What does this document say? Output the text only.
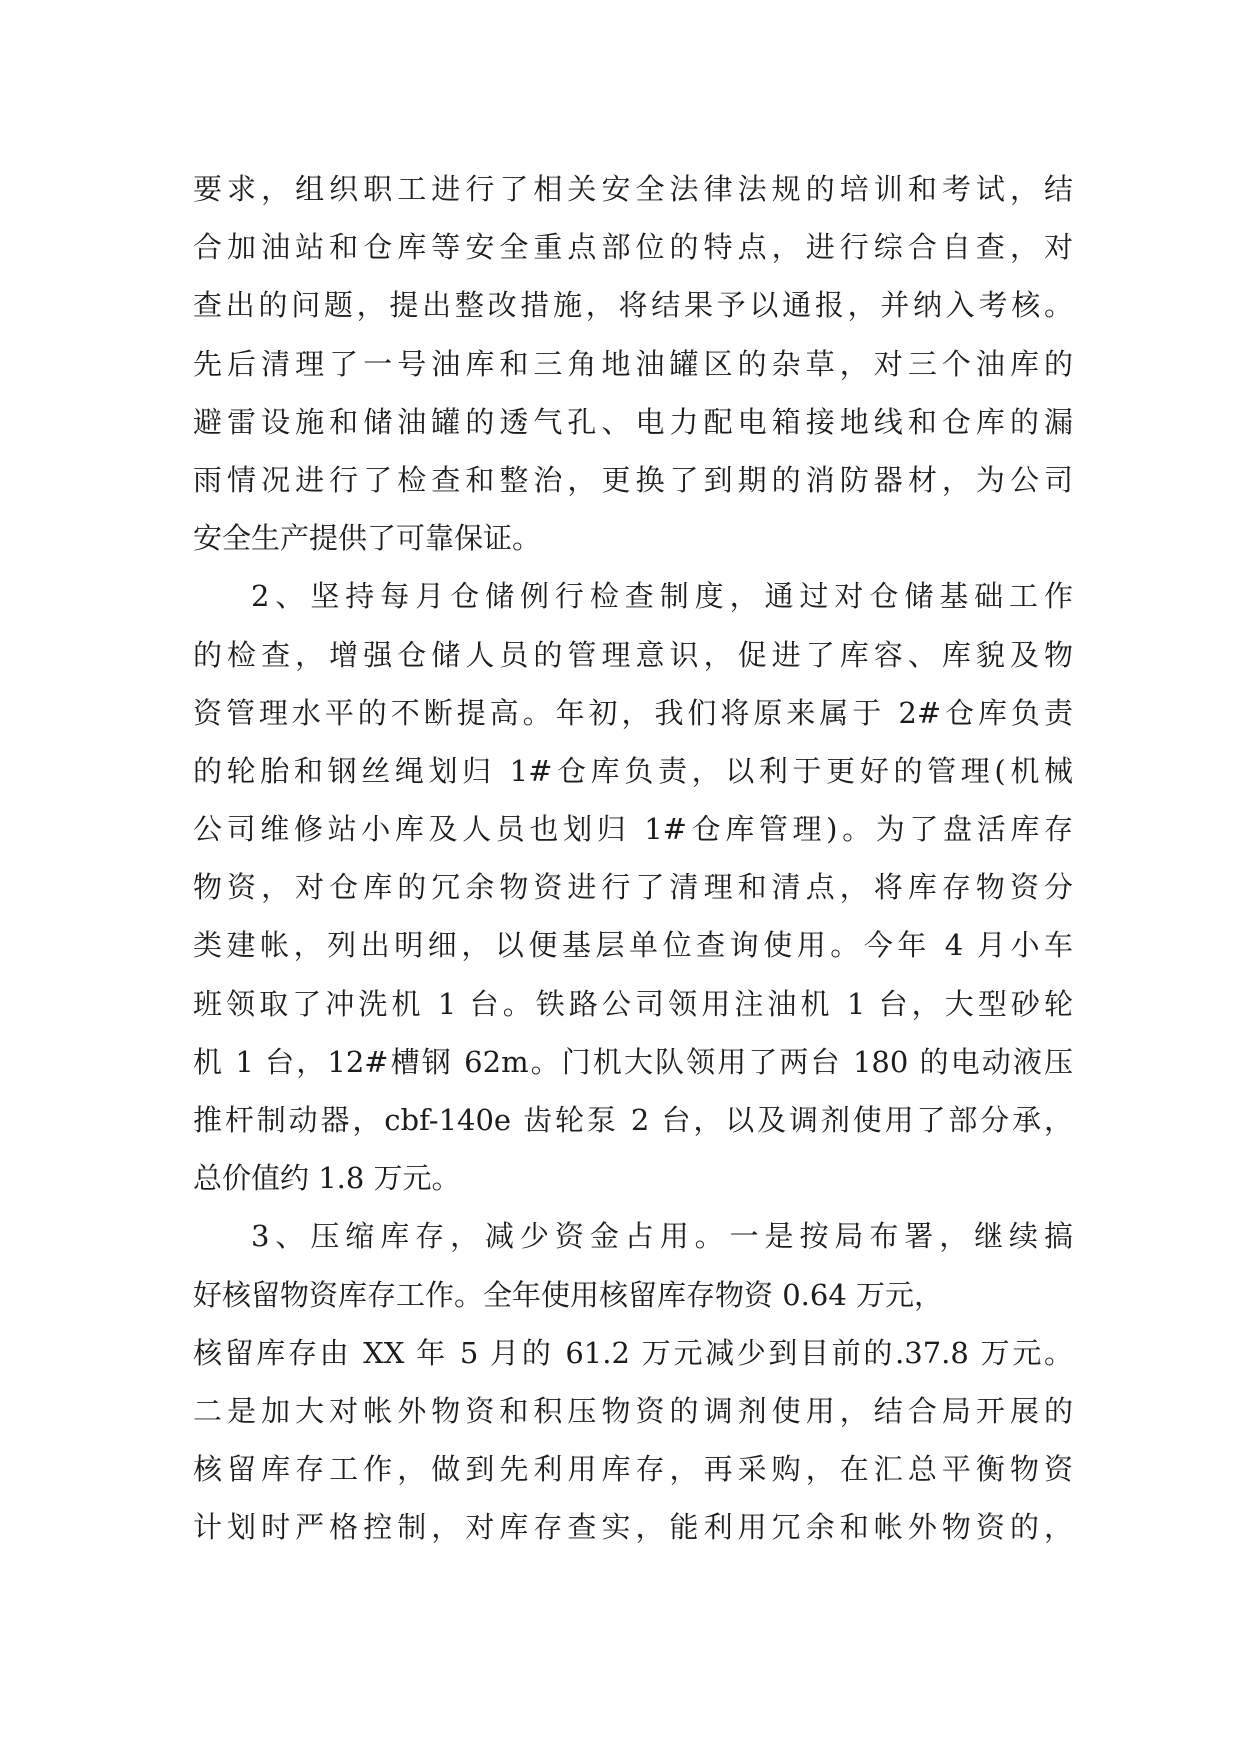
要求，组织职工进行了相关安全法律法规的培训和考试，结
合加油站和仓库等安全重点部位的特点，进行综合自查，对
查出的问题，提出整改措施，将结果予以通报，并纳入考核。
先后清理了一号油库和三角地油罐区的杂草，对三个油库的
避雷设施和储油罐的透气孔、电力配电箱接地线和仓库的漏
雨情况进行了检查和整治，更换了到期的消防器材，为公司
安全生产提供了可靠保证。
2、坚持每月仓储例行检查制度，通过对仓储基础工作
的检查，增强仓储人员的管理意识，促进了库容、库貌及物
资管理水平的不断提高。年初，我们将原来属于 2#仓库负责
的轮胎和钢丝绳划归 1#仓库负责，以利于更好的管理(机械
公司维修站小库及人员也划归 1#仓库管理)。为了盘活库存
物资，对仓库的冗余物资进行了清理和清点，将库存物资分
类建帐，列出明细，以便基层单位查询使用。今年 4 月小车
班领取了冲洗机 1 台。铁路公司领用注油机 1 台，大型砂轮
机 1 台，12#槽钢 62m。门机大队领用了两台 180 的电动液压
推杆制动器，cbf-140e 齿轮泵 2 台，以及调剂使用了部分承，
总价值约 1.8 万元。
3、压缩库存，减少资金占用。一是按局布署，继续搞
好核留物资库存工作。全年使用核留库存物资 0.64 万元，
核留库存由 XX 年 5 月的 61.2 万元减少到目前的.37.8 万元。
二是加大对帐外物资和积压物资的调剂使用，结合局开展的
核留库存工作，做到先利用库存，再采购，在汇总平衡物资
计划时严格控制，对库存查实，能利用冗余和帐外物资的，
